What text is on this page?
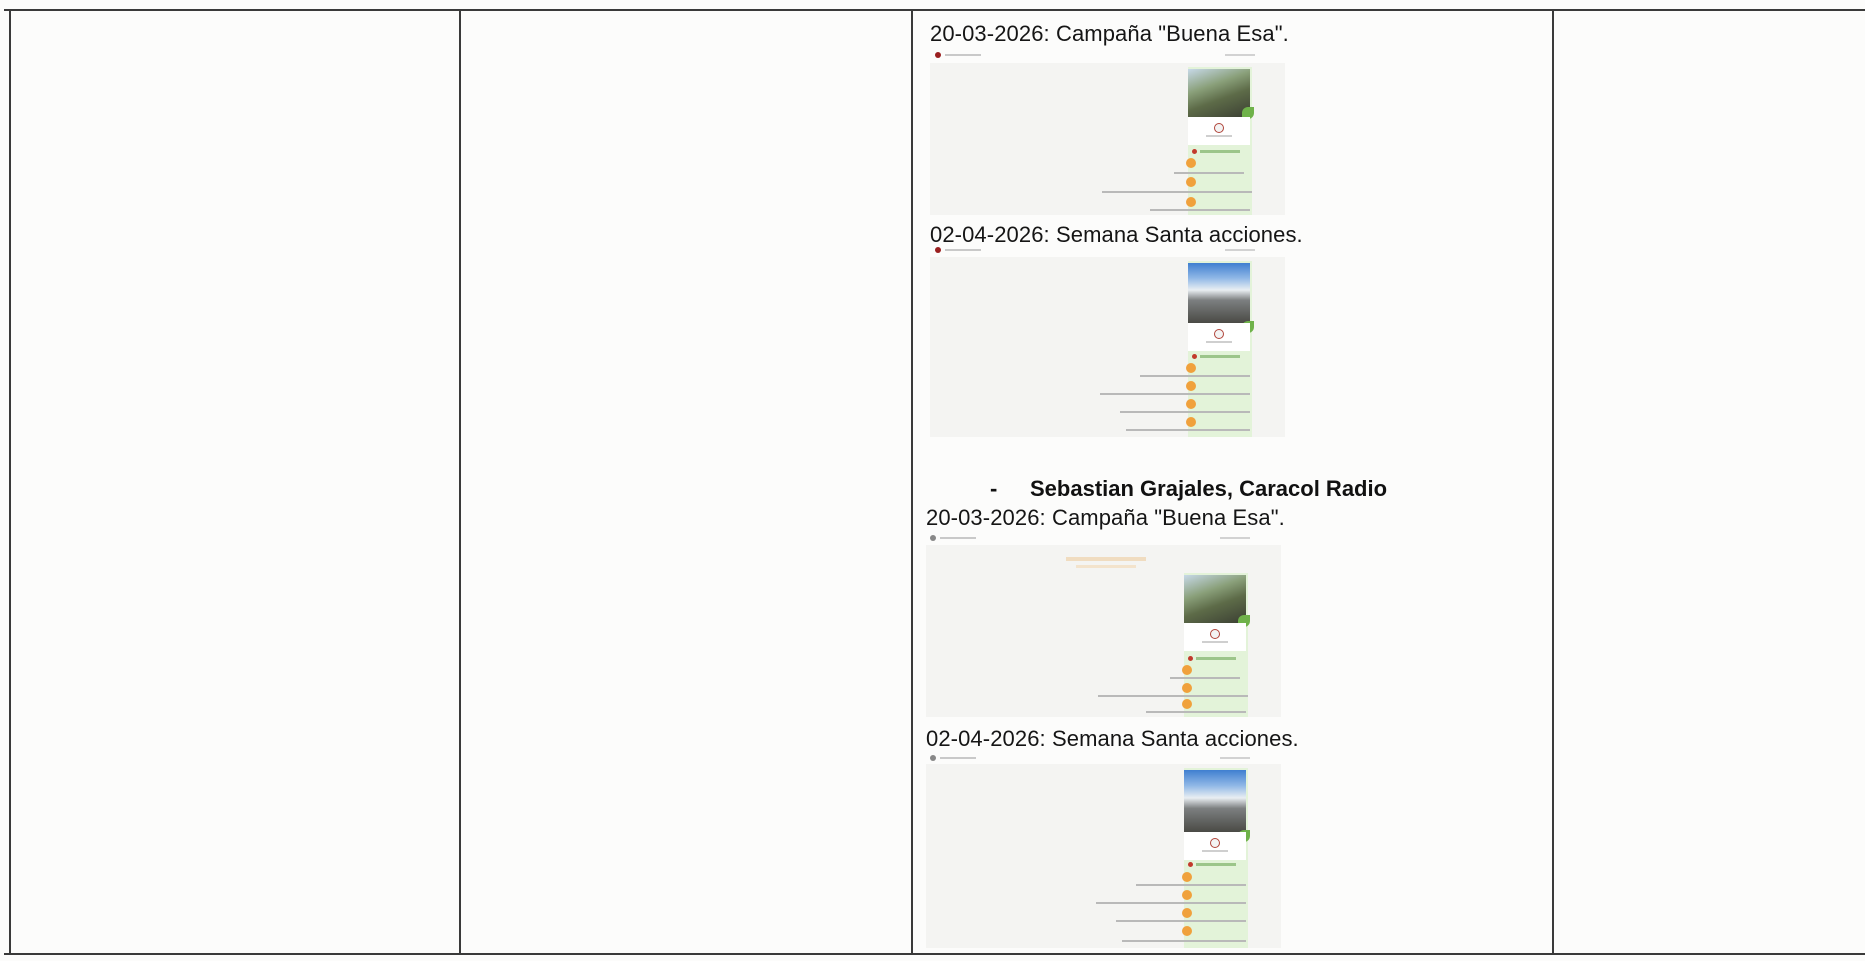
20-03-2026: Campaña "Buena Esa".
02-04-2026: Semana Santa acciones.
- Sebastian Grajales, Caracol Radio
20-03-2026: Campaña "Buena Esa".
02-04-2026: Semana Santa acciones.
